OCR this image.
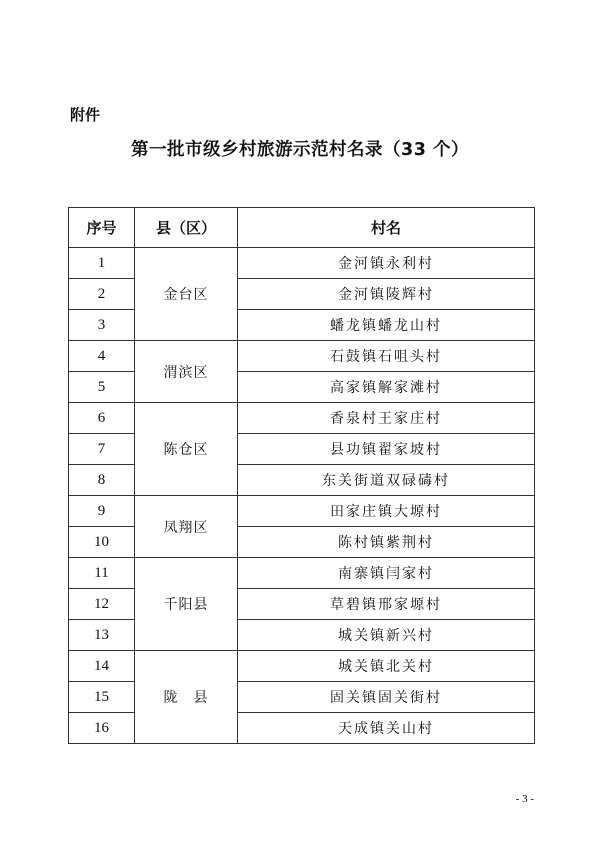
附件
第一批市级乡村旅游示范村名录（33 个）
序号	县（区）	村名
1	金台区	金河镇永利村
2		金河镇陵辉村
3		蟠龙镇蟠龙山村
4	渭滨区	石鼓镇石咀头村
5		高家镇解家滩村
6	陈仓区	香泉村王家庄村
7		县功镇翟家坡村
8		东关街道双碌碡村
9	凤翔区	田家庄镇大塬村
10		陈村镇紫荆村
11	千阳县	南寨镇闫家村
12		草碧镇邢家塬村
13		城关镇新兴村
14	陇　县	城关镇北关村
15		固关镇固关街村
16		天成镇关山村
- 3 -
